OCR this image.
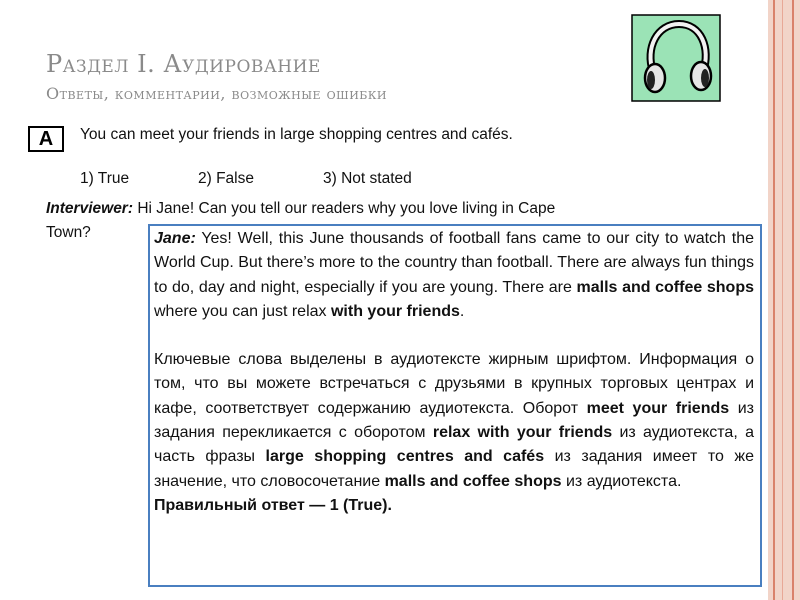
Раздел I. Аудирование
Ответы, комментарии, возможные ошибки
A	You can meet your friends in large shopping centres and cafés.
1) True	2) False	3) Not stated
Interviewer: Hi Jane! Can you tell our readers why you love living in Cape Town?	Jane: Yes! Well, this June thousands of football fans came to our city to watch the World Cup. But there’s more to the country than football. There are always fun things to do, day and night, especially if you are young. There are malls and coffee shops where you can just relax with your friends.

Ключевые слова выделены в аудиотексте жирным шрифтом. Информация о том, что вы можете встречаться с друзьями в крупных торговых центрах и кафе, соответствует содержанию аудиотекста. Оборот meet your friends из задания перекликается с оборотом relax with your friends из аудиотекста, а часть фразы large shopping centres and cafés из задания имеет то же значение, что словосочетание malls and coffee shops из аудиотекста.

Правильный ответ — 1 (True).
